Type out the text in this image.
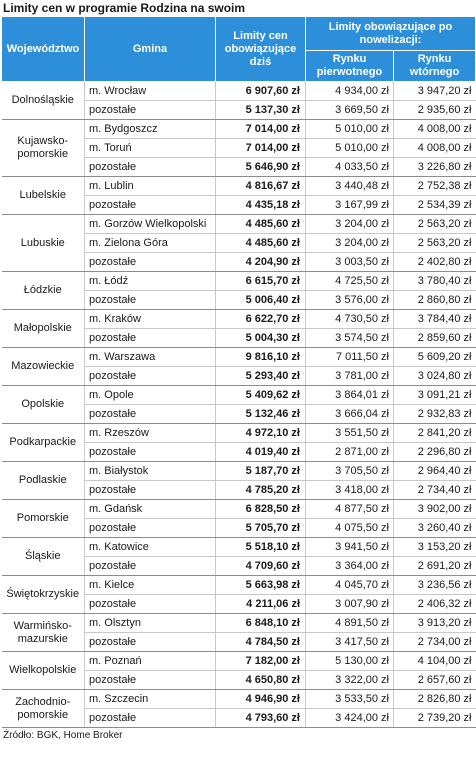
Limity cen w programie Rodzina na swoim
Województwo	Gmina	Limity cen obowiązujące dziś	Limity obowiązujące po nowelizacji:	
			Rynku pierwotnego	Rynku wtórnego
Dolnośląskie	m. Wrocław	6 907,60 zł	4 934,00 zł	3 947,20 zł
	pozostałe	5 137,30 zł	3 669,50 zł	2 935,60 zł
Kujawsko-pomorskie	m. Bydgoszcz	7 014,00 zł	5 010,00 zł	4 008,00 zł
	m. Toruń	7 014,00 zł	5 010,00 zł	4 008,00 zł
	pozostałe	5 646,90 zł	4 033,50 zł	3 226,80 zł
Lubelskie	m. Lublin	4 816,67 zł	3 440,48 zł	2 752,38 zł
	pozostałe	4 435,18 zł	3 167,99 zł	2 534,39 zł
Lubuskie	m. Gorzów Wielkopolski	4 485,60 zł	3 204,00 zł	2 563,20 zł
	m. Zielona Góra	4 485,60 zł	3 204,00 zł	2 563,20 zł
	pozostałe	4 204,90 zł	3 003,50 zł	2 402,80 zł
Łódzkie	m. Łódź	6 615,70 zł	4 725,50 zł	3 780,40 zł
	pozostałe	5 006,40 zł	3 576,00 zł	2 860,80 zł
Małopolskie	m. Kraków	6 622,70 zł	4 730,50 zł	3 784,40 zł
	pozostałe	5 004,30 zł	3 574,50 zł	2 859,60 zł
Mazowieckie	m. Warszawa	9 816,10 zł	7 011,50 zł	5 609,20 zł
	pozostałe	5 293,40 zł	3 781,00 zł	3 024,80 zł
Opolskie	m. Opole	5 409,62 zł	3 864,01 zł	3 091,21 zł
	pozostałe	5 132,46 zł	3 666,04 zł	2 932,83 zł
Podkarpackie	m. Rzeszów	4 972,10 zł	3 551,50 zł	2 841,20 zł
	pozostałe	4 019,40 zł	2 871,00 zł	2 296,80 zł
Podlaskie	m. Białystok	5 187,70 zł	3 705,50 zł	2 964,40 zł
	pozostałe	4 785,20 zł	3 418,00 zł	2 734,40 zł
Pomorskie	m. Gdańsk	6 828,50 zł	4 877,50 zł	3 902,00 zł
	pozostałe	5 705,70 zł	4 075,50 zł	3 260,40 zł
Śląskie	m. Katowice	5 518,10 zł	3 941,50 zł	3 153,20 zł
	pozostałe	4 709,60 zł	3 364,00 zł	2 691,20 zł
Świętokrzyskie	m. Kielce	5 663,98 zł	4 045,70 zł	3 236,56 zł
	pozostałe	4 211,06 zł	3 007,90 zł	2 406,32 zł
Warmińsko-mazurskie	m. Olsztyn	6 848,10 zł	4 891,50 zł	3 913,20 zł
	pozostałe	4 784,50 zł	3 417,50 zł	2 734,00 zł
Wielkopolskie	m. Poznań	7 182,00 zł	5 130,00 zł	4 104,00 zł
	pozostałe	4 650,80 zł	3 322,00 zł	2 657,60 zł
Zachodnio-pomorskie	m. Szczecin	4 946,90 zł	3 533,50 zł	2 826,80 zł
	pozostałe	4 793,60 zł	3 424,00 zł	2 739,20 zł
Źródło: BGK, Home Broker
